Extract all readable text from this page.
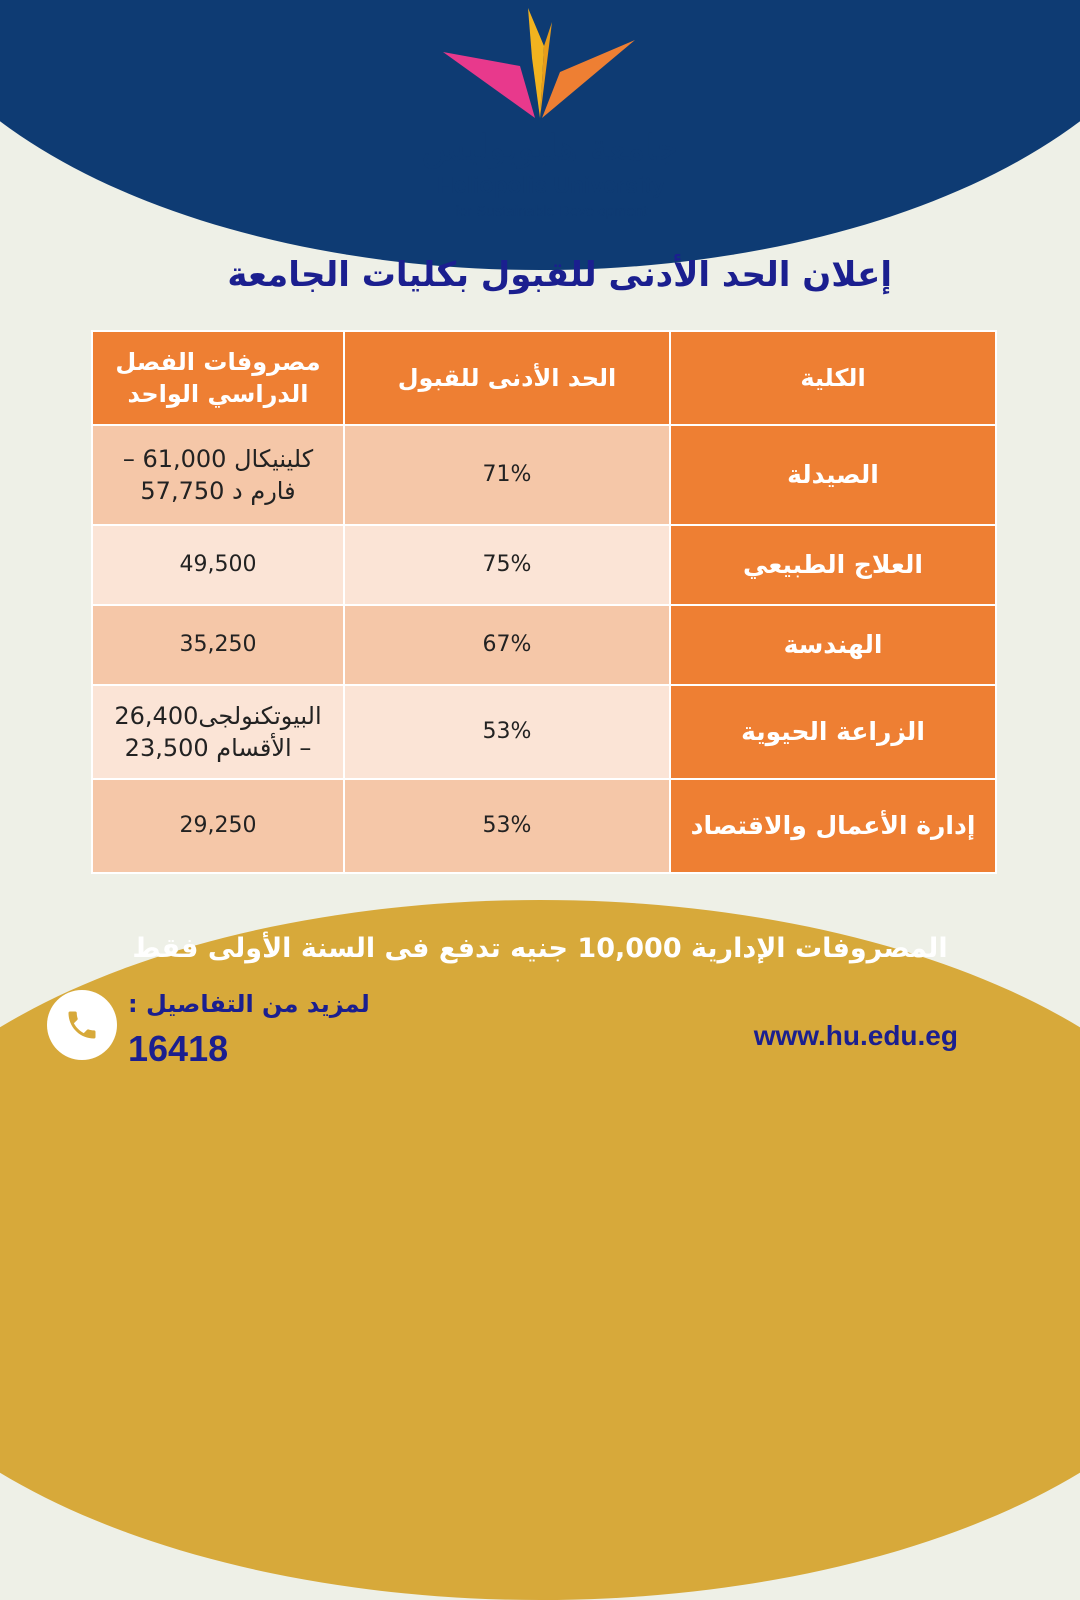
جامعة هليوبوليس
Heliopolis University
for Sustainable Development
إعلان الحد الأدنى للقبول بكليات الجامعة
الكلية	الحد الأدنى للقبول	مصروفات الفصل الدراسي الواحد
الصيدلة	71%	كلينيكال 61,000 – فارم د 57,750
العلاج الطبيعي	75%	49,500
الهندسة	67%	35,250
الزراعة الحيوية	53%	البيوتكنولجى26,400 – الأقسام 23,500
إدارة الأعمال والاقتصاد	53%	29,250
المصروفات الإدارية 10,000 جنيه تدفع فى السنة الأولى فقط
لمزيد من التفاصيل :
16418	www.hu.edu.eg
